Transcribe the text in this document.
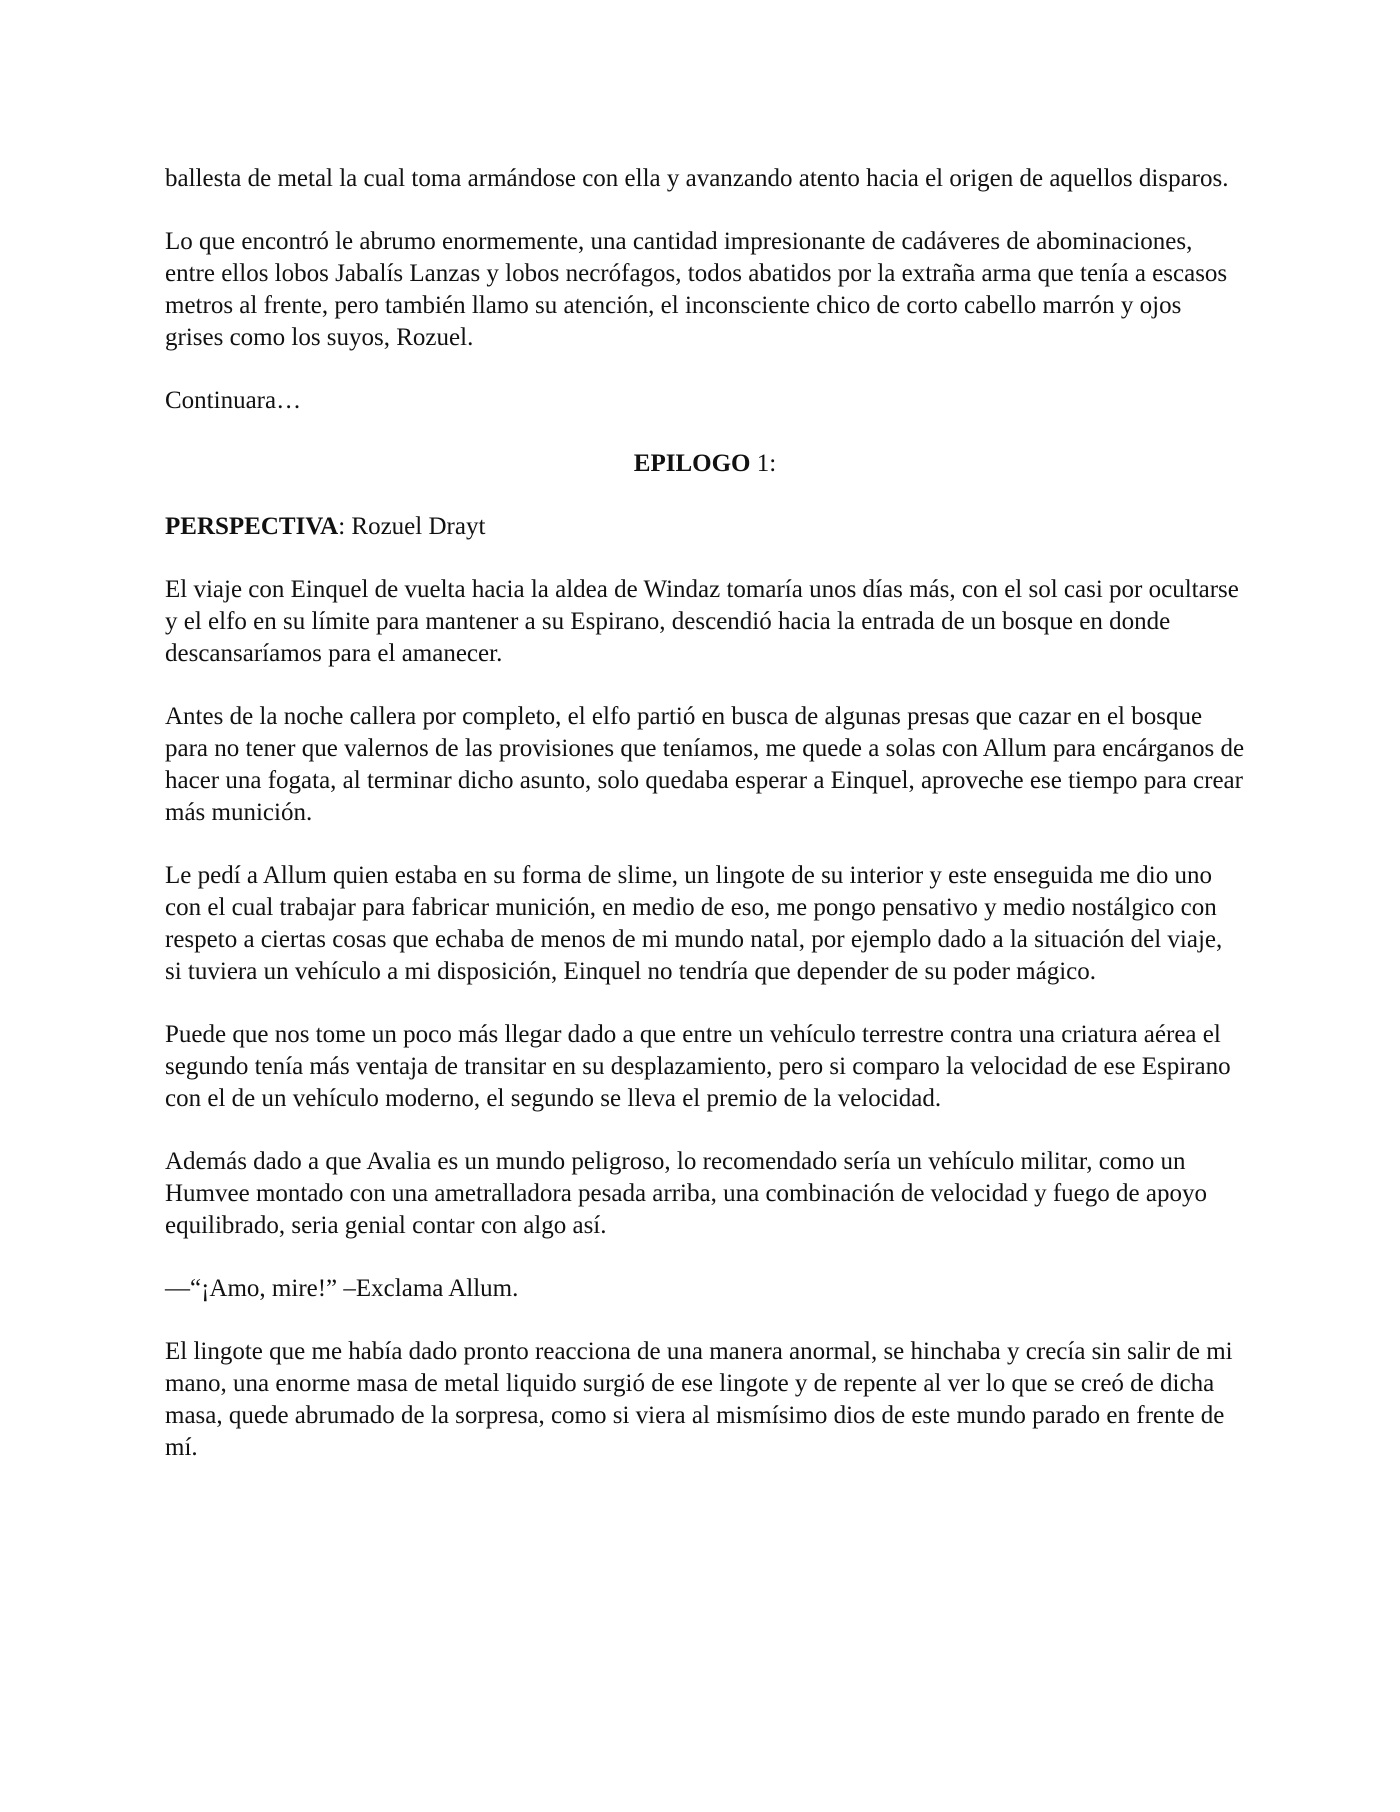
ballesta de metal la cual toma armándose con ella y avanzando atento hacia el origen de aquellos disparos.

Lo que encontró le abrumo enormemente, una cantidad impresionante de cadáveres de abominaciones, entre ellos lobos Jabalís Lanzas y lobos necrófagos, todos abatidos por la extraña arma que tenía a escasos metros al frente, pero también llamo su atención, el inconsciente chico de corto cabello marrón y ojos grises como los suyos, Rozuel.

Continuara…

EPILOGO 1:
PERSPECTIVA: Rozuel Drayt

El viaje con Einquel de vuelta hacia la aldea de Windaz tomaría unos días más, con el sol casi por ocultarse y el elfo en su límite para mantener a su Espirano, descendió hacia la entrada de un bosque en donde descansaríamos para el amanecer.

Antes de la noche callera por completo, el elfo partió en busca de algunas presas que cazar en el bosque para no tener que valernos de las provisiones que teníamos, me quede a solas con Allum para encárganos de hacer una fogata, al terminar dicho asunto, solo quedaba esperar a Einquel, aproveche ese tiempo para crear más munición.

Le pedí a Allum quien estaba en su forma de slime, un lingote de su interior y este enseguida me dio uno con el cual trabajar para fabricar munición, en medio de eso, me pongo pensativo y medio nostálgico con respeto a ciertas cosas que echaba de menos de mi mundo natal, por ejemplo dado a la situación del viaje, si tuviera un vehículo a mi disposición, Einquel no tendría que depender de su poder mágico.

Puede que nos tome un poco más llegar dado a que entre un vehículo terrestre contra una criatura aérea el segundo tenía más ventaja de transitar en su desplazamiento, pero si comparo la velocidad de ese Espirano con el de un vehículo moderno, el segundo se lleva el premio de la velocidad.

Además dado a que Avalia es un mundo peligroso, lo recomendado sería un vehículo militar, como un Humvee montado con una ametralladora pesada arriba, una combinación de velocidad y fuego de apoyo equilibrado, seria genial contar con algo así.

—“¡Amo, mire!” –Exclama Allum.

El lingote que me había dado pronto reacciona de una manera anormal, se hinchaba y crecía sin salir de mi mano, una enorme masa de metal liquido surgió de ese lingote y de repente al ver lo que se creó de dicha masa, quede abrumado de la sorpresa, como si viera al mismísimo dios de este mundo parado en frente de mí.
